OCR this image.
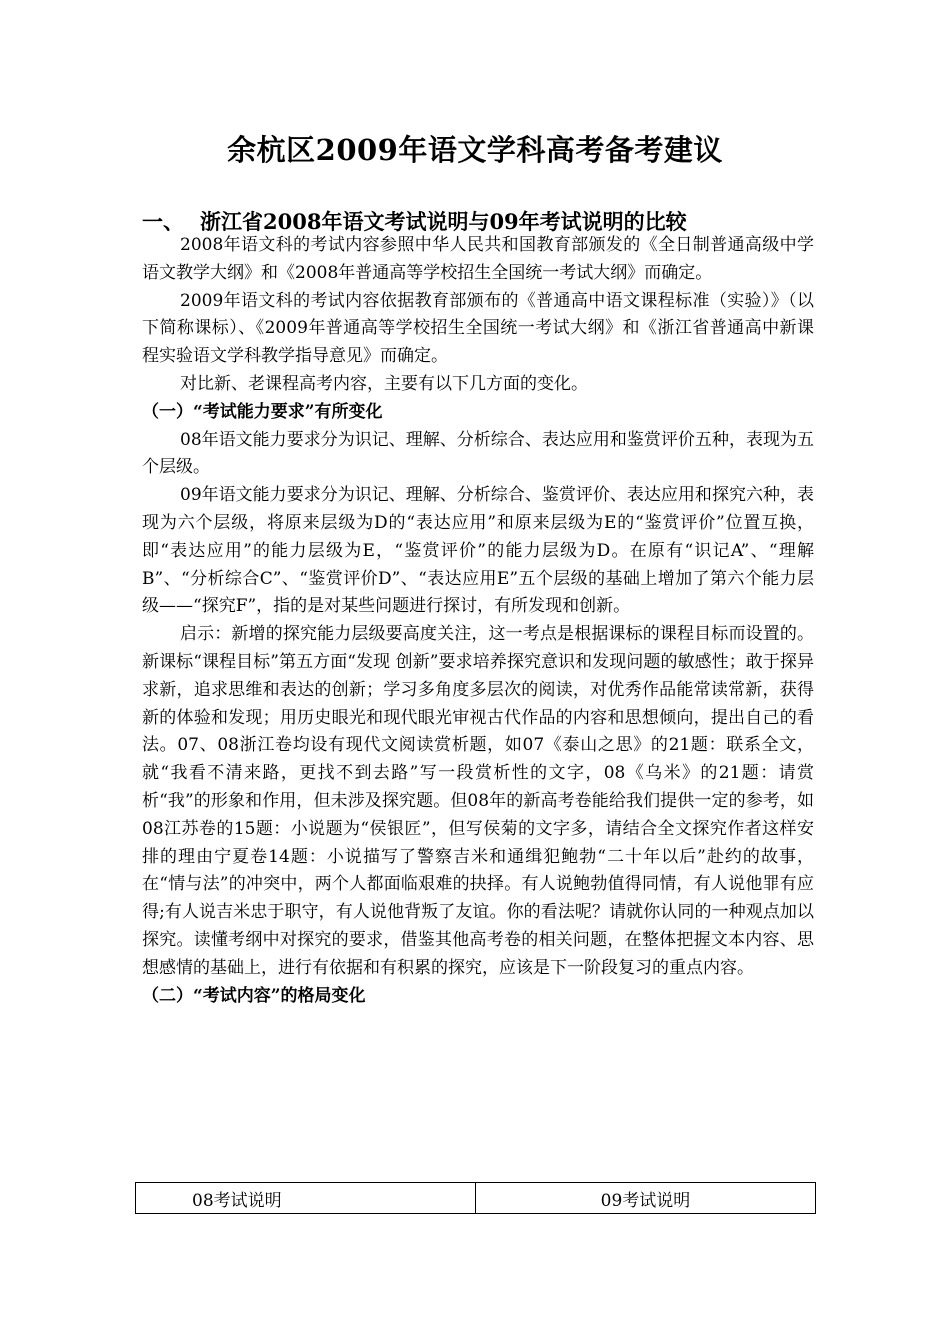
余杭区2009年语文学科高考备考建议
一、 浙江省2008年语文考试说明与09年考试说明的比较

2008年语文科的考试内容参照中华人民共和国教育部颁发的《全日制普通高级中学语文教学大纲》和《2008年普通高等学校招生全国统一考试大纲》而确定。

2009年语文科的考试内容依据教育部颁布的《普通高中语文课程标准（实验）》（以下简称课标）、《2009年普通高等学校招生全国统一考试大纲》和《浙江省普通高中新课程实验语文学科教学指导意见》而确定。

对比新、老课程高考内容，主要有以下几方面的变化。

（一）“考试能力要求”有所变化

08年语文能力要求分为识记、理解、分析综合、表达应用和鉴赏评价五种，表现为五个层级。

09年语文能力要求分为识记、理解、分析综合、鉴赏评价、表达应用和探究六种，表现为六个层级，将原来层级为D的“表达应用”和原来层级为E的“鉴赏评价”位置互换，即“表达应用”的能力层级为E，“鉴赏评价”的能力层级为D。在原有“识记A”、“理解B”、“分析综合C”、“鉴赏评价D”、“表达应用E”五个层级的基础上增加了第六个能力层级——“探究F”，指的是对某些问题进行探讨，有所发现和创新。

启示：新增的探究能力层级要高度关注，这一考点是根据课标的课程目标而设置的。新课标“课程目标”第五方面“发现 创新”要求培养探究意识和发现问题的敏感性；敢于探异求新，追求思维和表达的创新；学习多角度多层次的阅读，对优秀作品能常读常新，获得新的体验和发现；用历史眼光和现代眼光审视古代作品的内容和思想倾向，提出自己的看法。07、08浙江卷均设有现代文阅读赏析题，如07《泰山之思》的21题：联系全文，就“我看不清来路，更找不到去路”写一段赏析性的文字，08《乌米》的21题：请赏析“我”的形象和作用，但未涉及探究题。但08年的新高考卷能给我们提供一定的参考，如08江苏卷的15题：小说题为“侯银匠”，但写侯菊的文字多，请结合全文探究作者这样安排的理由宁夏卷14题：小说描写了警察吉米和通缉犯鲍勃“二十年以后”赴约的故事，在“情与法”的冲突中，两个人都面临艰难的抉择。有人说鲍勃值得同情，有人说他罪有应得;有人说吉米忠于职守，有人说他背叛了友谊。你的看法呢？请就你认同的一种观点加以探究。读懂考纲中对探究的要求，借鉴其他高考卷的相关问题，在整体把握文本内容、思想感情的基础上，进行有依据和有积累的探究，应该是下一阶段复习的重点内容。

（二）“考试内容”的格局变化

08考试说明	09考试说明
